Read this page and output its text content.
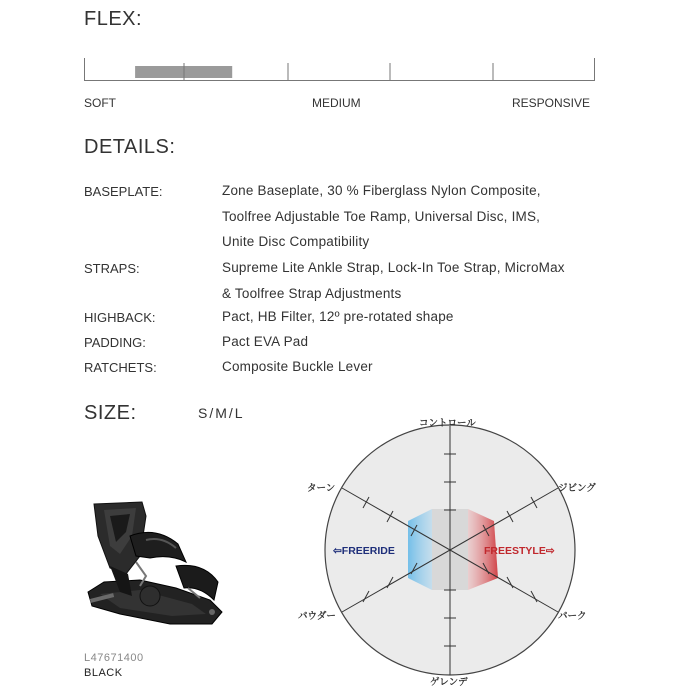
FLEX:
SOFT	MEDIUM	RESPONSIVE
DETAILS:
BASEPLATE:	Zone Baseplate, 30 % Fiberglass Nylon Composite,
Toolfree Adjustable Toe Ramp, Universal Disc, IMS,
Unite Disc Compatibility
STRAPS:	Supreme Lite Ankle Strap, Lock-In Toe Strap, MicroMax
& Toolfree Strap Adjustments
HIGHBACK:	Pact, HB Filter, 12º pre-rotated shape
PADDING:	Pact EVA Pad
RATCHETS:	Composite Buckle Lever
SIZE:	S/M/L
コントロール
ターン	ジビング
パウダー	パーク
ゲレンデ
⇦FREERIDE	FREESTYLE⇨
L47671400
BLACK
